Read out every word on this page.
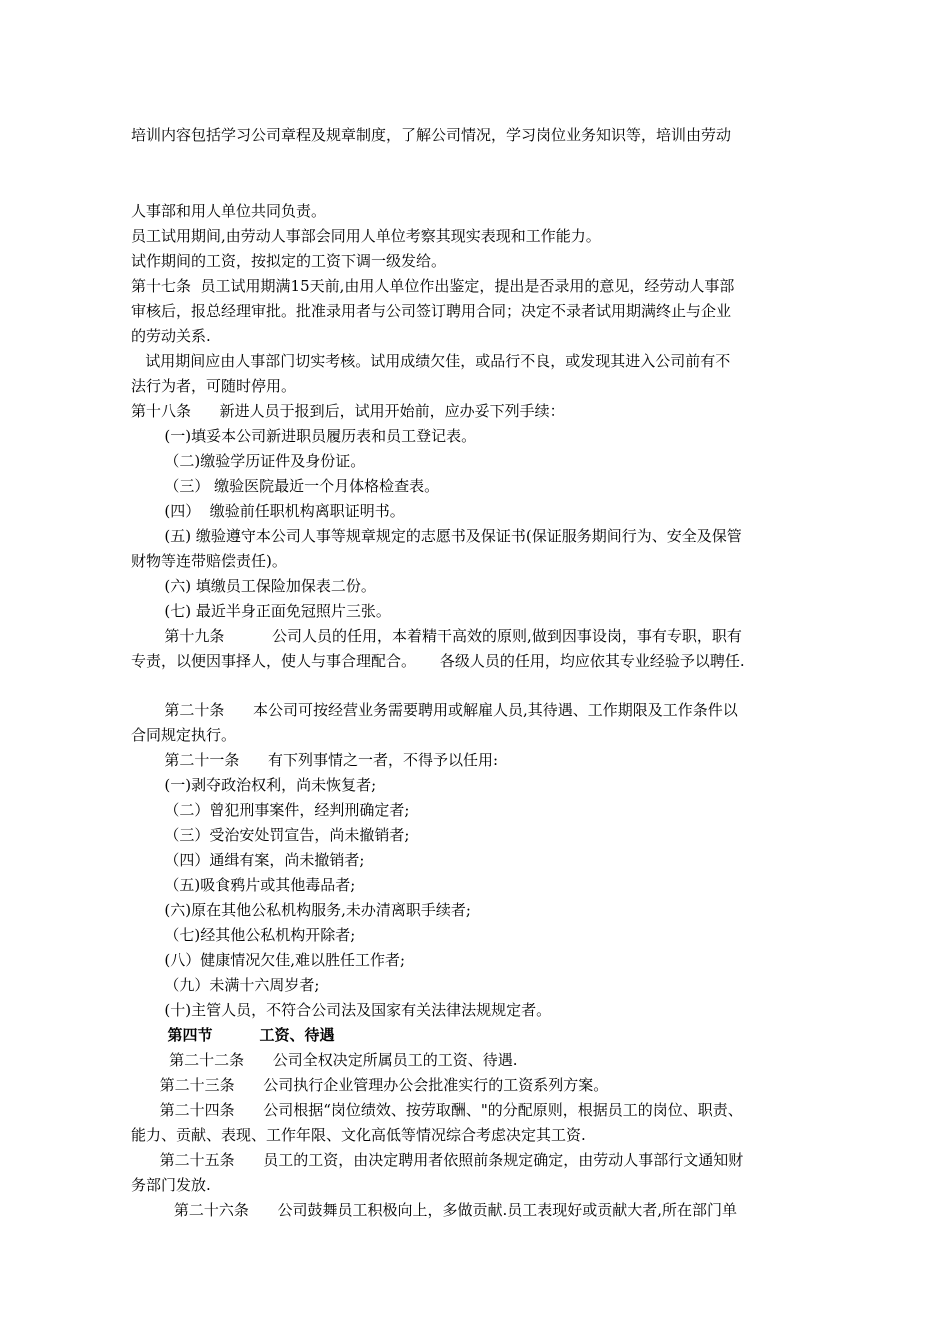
培训内容包括学习公司章程及规章制度，了解公司情况，学习岗位业务知识等，培训由劳动
人事部和用人单位共同负责。
员工试用期间,由劳动人事部会同用人单位考察其现实表现和工作能力。
试作期间的工资，按拟定的工资下调一级发给。
第十七条  员工试用期满15天前,由用人单位作出鉴定，提出是否录用的意见，经劳动人事部
审核后，报总经理审批。批准录用者与公司签订聘用合同；决定不录者试用期满终止与企业
的劳动关系.
试用期间应由人事部门切实考核。试用成绩欠佳，或品行不良，或发现其进入公司前有不
法行为者，可随时停用。
第十八条      新进人员于报到后，试用开始前，应办妥下列手续：
(一)填妥本公司新进职员履历表和员工登记表。
（二)缴验学历证件及身份证。
（三） 缴验医院最近一个月体格检查表。
(四）  缴验前任职机构离职证明书。
(五) 缴验遵守本公司人事等规章规定的志愿书及保证书(保证服务期间行为、安全及保管
财物等连带赔偿责任)。
(六) 填缴员工保险加保表二份。
(七) 最近半身正面免冠照片三张。
第十九条          公司人员的任用，本着精干高效的原则,做到因事设岗，事有专职，职有
专责，以便因事择人，使人与事合理配合。     各级人员的任用，均应依其专业经验予以聘任.
第二十条      本公司可按经营业务需要聘用或解雇人员,其待遇、工作期限及工作条件以
合同规定执行。
第二十一条      有下列事情之一者，不得予以任用:
(一)剥夺政治权利，尚未恢复者;
（二）曾犯刑事案件，经判刑确定者;
（三）受治安处罚宣告，尚未撤销者;
（四）通缉有案，尚未撤销者;
（五)吸食鸦片或其他毒品者;
(六)原在其他公私机构服务,未办清离职手续者;
（七)经其他公私机构开除者;
(八）健康情况欠佳,难以胜任工作者;
（九）未满十六周岁者;
(十)主管人员，不符合公司法及国家有关法律法规规定者。
第四节         工资、待遇
第二十二条      公司全权决定所属员工的工资、待遇.
第二十三条      公司执行企业管理办公会批准实行的工资系列方案。
第二十四条      公司根据“岗位绩效、按劳取酬、"的分配原则，根据员工的岗位、职责、
能力、贡献、表现、工作年限、文化高低等情况综合考虑决定其工资.
第二十五条      员工的工资，由决定聘用者依照前条规定确定，由劳动人事部行文通知财
务部门发放.
第二十六条      公司鼓舞员工积极向上，多做贡献.员工表现好或贡献大者,所在部门单
